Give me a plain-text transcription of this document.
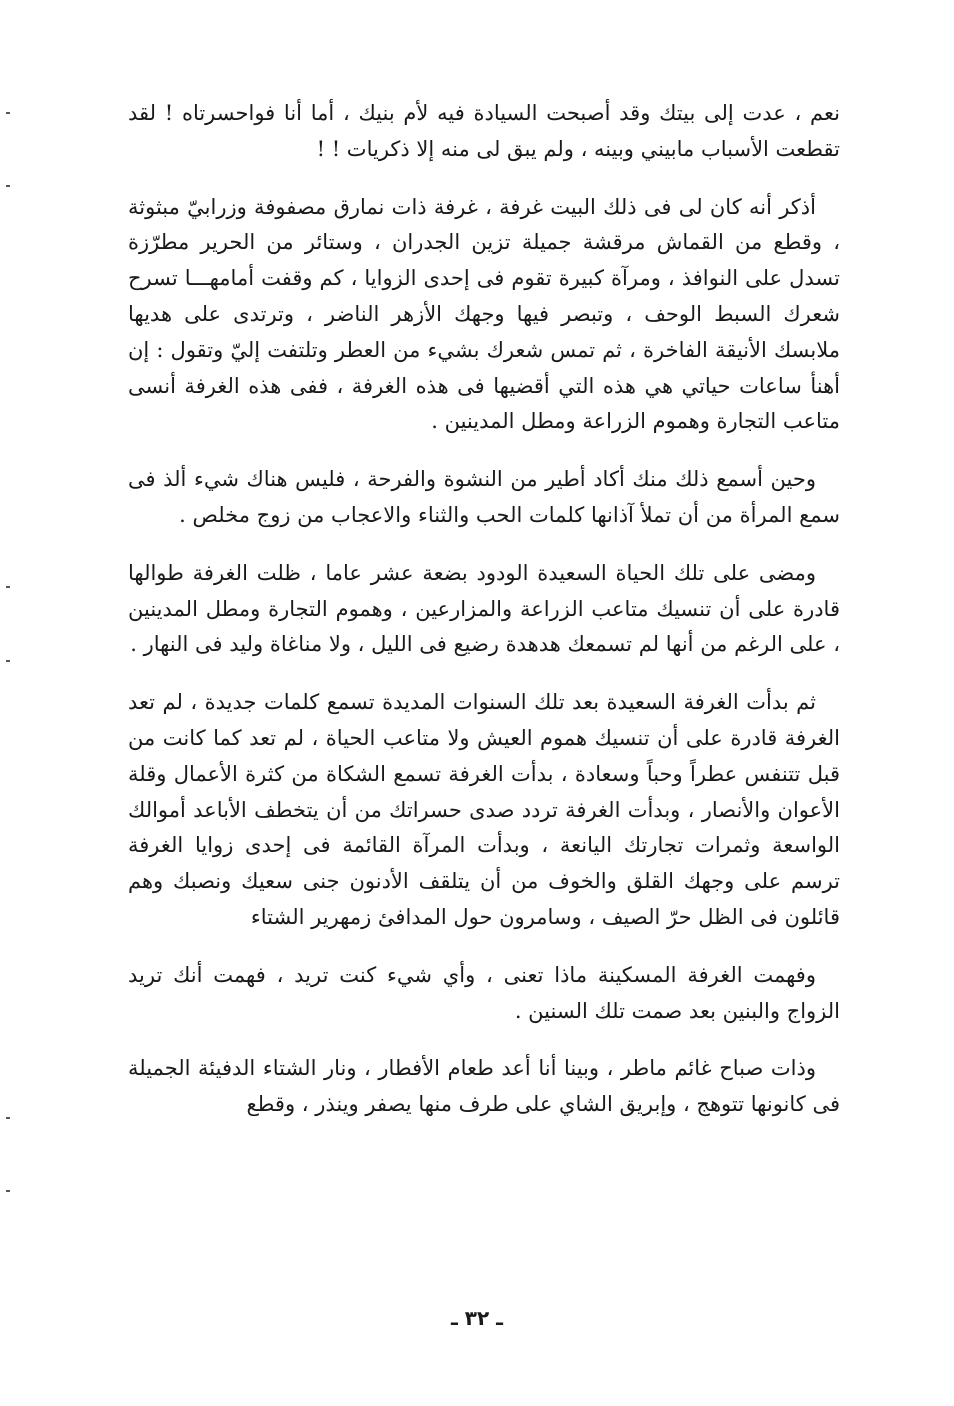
نعم ، عدت إلى بيتك وقد أصبحت السيادة فيه لأم بنيك ، أما أنا فواحسرتاه ! لقد تقطعت الأسباب مابيني وبينه ، ولم يبق لى منه إلا ذكريات ! !

أذكر أنه كان لى فى ذلك البيت غرفة ، غرفة ذات نمارق مصفوفة وزرابيّ مبثوثة ، وقطع من القماش مرقشة جميلة تزين الجدران ، وستائر من الحرير مطرّزة تسدل على النوافذ ، ومرآة كبيرة تقوم فى إحدى الزوايا ، كم وقفت أمامهـــا تسرح شعرك السبط الوحف ، وتبصر فيها وجهك الأزهر الناضر ، وترتدى على هديها ملابسك الأنيقة الفاخرة ، ثم تمس شعرك بشيء من العطر وتلتفت إليّ وتقول : إن أهنأ ساعات حياتي هي هذه التي أقضيها فى هذه الغرفة ، ففى هذه الغرفة أنسى متاعب التجارة وهموم الزراعة ومطل المدينين .

وحين أسمع ذلك منك أكاد أطير من النشوة والفرحة ، فليس هناك شيء ألذ فى سمع المرأة من أن تملأ آذانها كلمات الحب والثناء والاعجاب من زوج مخلص .

ومضى على تلك الحياة السعيدة الودود بضعة عشر عاما ، ظلت الغرفة طوالها قادرة على أن تنسيك متاعب الزراعة والمزارعين ، وهموم التجارة ومطل المدينين ، على الرغم من أنها لم تسمعك هدهدة رضيع فى الليل ، ولا مناغاة وليد فى النهار .

ثم بدأت الغرفة السعيدة بعد تلك السنوات المديدة تسمع كلمات جديدة ، لم تعد الغرفة قادرة على أن تنسيك هموم العيش ولا متاعب الحياة ، لم تعد كما كانت من قبل تتنفس عطراً وحباً وسعادة ، بدأت الغرفة تسمع الشكاة من كثرة الأعمال وقلة الأعوان والأنصار ، وبدأت الغرفة تردد صدى حسراتك من أن يتخطف الأباعد أموالك الواسعة وثمرات تجارتك اليانعة ، وبدأت المرآة القائمة فى إحدى زوايا الغرفة ترسم على وجهك القلق والخوف من أن يتلقف الأدنون جنى سعيك ونصبك وهم قائلون فى الظل حرّ الصيف ، وسامرون حول المدافئ زمهرير الشتاء

وفهمت الغرفة المسكينة ماذا تعنى ، وأي شيء كنت تريد ، فهمت أنك تريد الزواج والبنين بعد صمت تلك السنين .

وذات صباح غائم ماطر ، وبينا أنا أعد طعام الأفطار ، ونار الشتاء الدفيئة الجميلة فى كانونها تتوهج ، وإبريق الشاي على طرف منها يصفر وينذر ، وقطع

ـ ٣٢ ـ
